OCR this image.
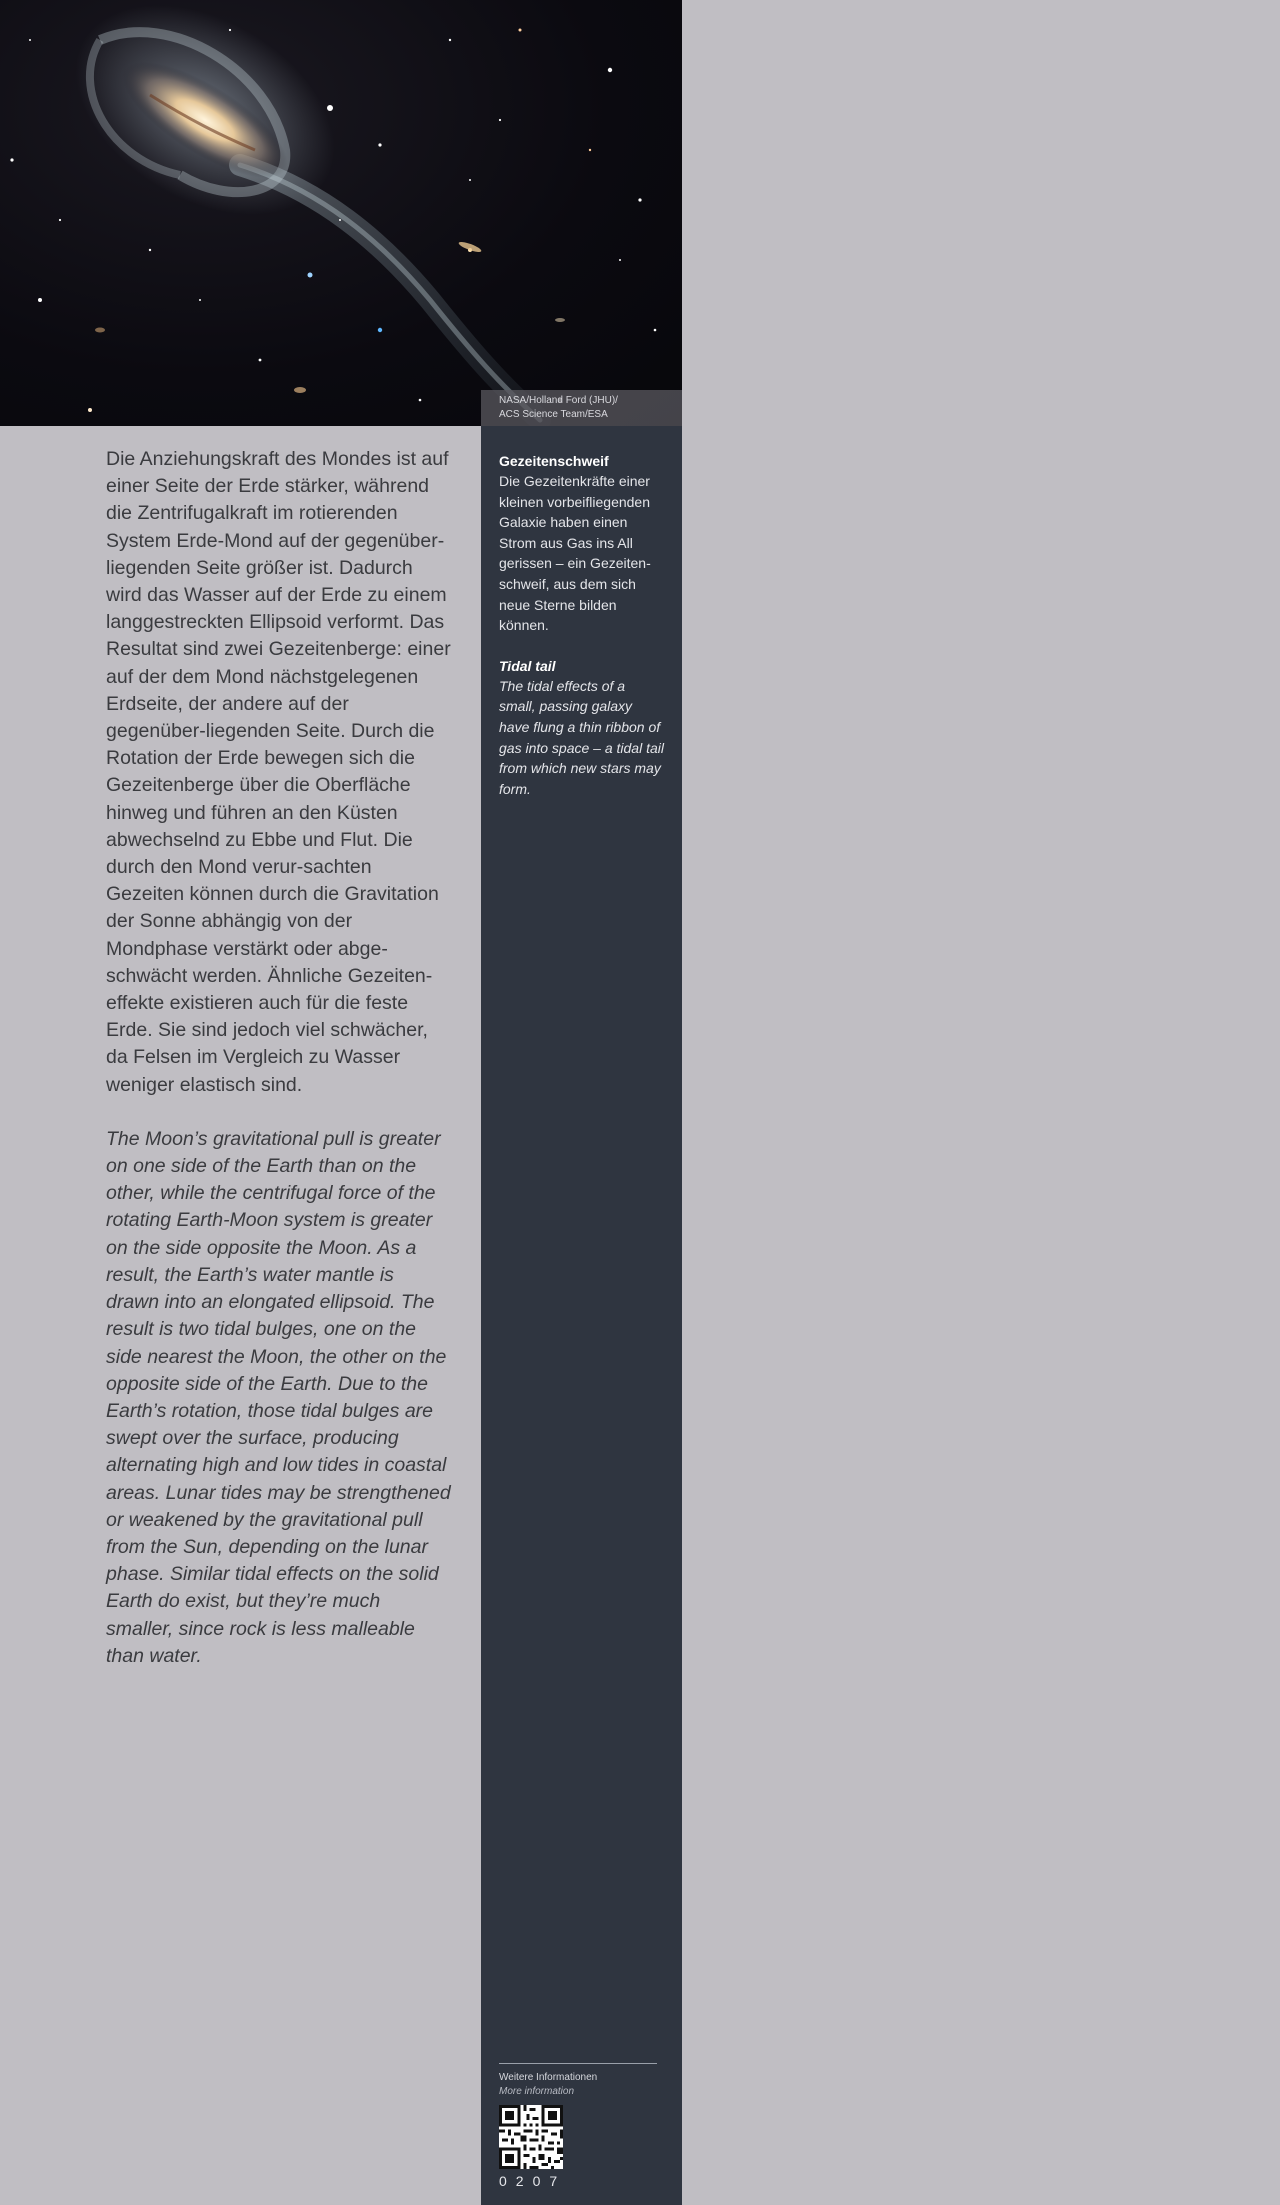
NASA/Holland Ford (JHU)/
ACS Science Team/ESA
Gezeitenschweif
Die Gezeitenkräfte einer kleinen vorbeifliegenden Galaxie haben einen Strom aus Gas ins All gerissen – ein Gezeiten-schweif, aus dem sich neue Sterne bilden können.
Tidal tail
The tidal effects of a small, passing galaxy have flung a thin ribbon of gas into space – a tidal tail from which new stars may form.
Weitere Informationen
More information
0207

Die Anziehungskraft des Mondes ist auf einer Seite der Erde stärker, während die Zentrifugalkraft im rotierenden System Erde-Mond auf der gegenüber-liegenden Seite größer ist. Dadurch wird das Wasser auf der Erde zu einem langgestreckten Ellipsoid verformt. Das Resultat sind zwei Gezeitenberge: einer auf der dem Mond nächstgelegenen Erdseite, der andere auf der gegenüber-liegenden Seite. Durch die Rotation der Erde bewegen sich die Gezeitenberge über die Oberfläche hinweg und führen an den Küsten abwechselnd zu Ebbe und Flut. Die durch den Mond verur-sachten Gezeiten können durch die Gravitation der Sonne abhängig von der Mondphase verstärkt oder abge-schwächt werden. Ähnliche Gezeiten-effekte existieren auch für die feste Erde. Sie sind jedoch viel schwächer, da Felsen im Vergleich zu Wasser weniger elastisch sind.

The Moon’s gravitational pull is greater on one side of the Earth than on the other, while the centrifugal force of the rotating Earth-Moon system is greater on the side opposite the Moon. As a result, the Earth’s water mantle is drawn into an elongated ellipsoid. The result is two tidal bulges, one on the side nearest the Moon, the other on the opposite side of the Earth. Due to the Earth’s rotation, those tidal bulges are swept over the surface, producing alternating high and low tides in coastal areas. Lunar tides may be strengthened or weakened by the gravitational pull from the Sun, depending on the lunar phase. Similar tidal effects on the solid Earth do exist, but they’re much smaller, since rock is less malleable than water.
